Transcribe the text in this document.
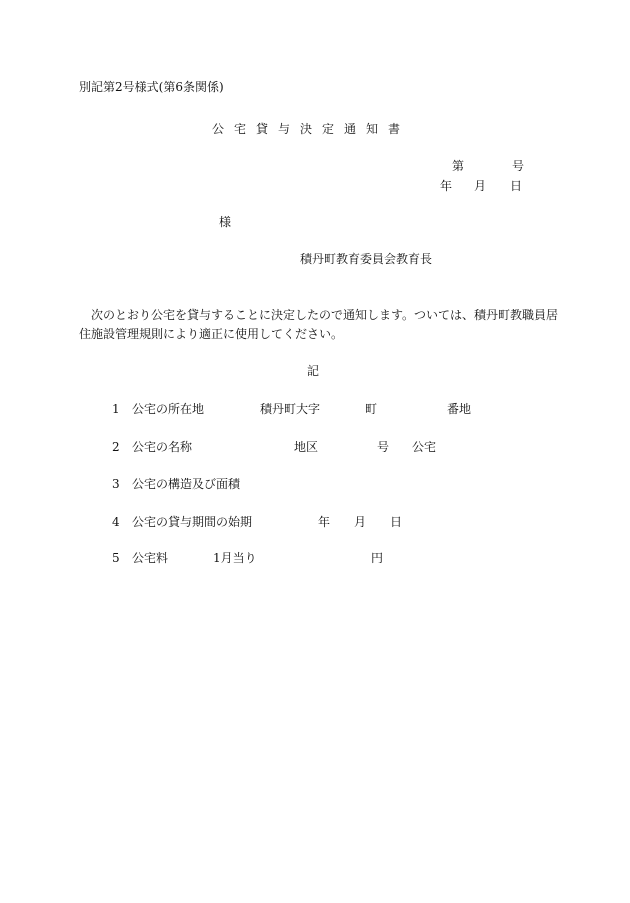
別記第2号様式(第6条関係)
公 宅 貸 与 決 定 通 知 書
第	号
年 月 日
様
積丹町教育委員会教育長
次のとおり公宅を貸与することに決定したので通知します。ついては、積丹町教職員居住施設管理規則により適正に使用してください。
記
1 公宅の所在地	積丹町大字	町	番地
2 公宅の名称	地区	号 公宅
3 公宅の構造及び面積
4 公宅の貸与期間の始期	年 月 日
5 公宅料	1月当り	円
